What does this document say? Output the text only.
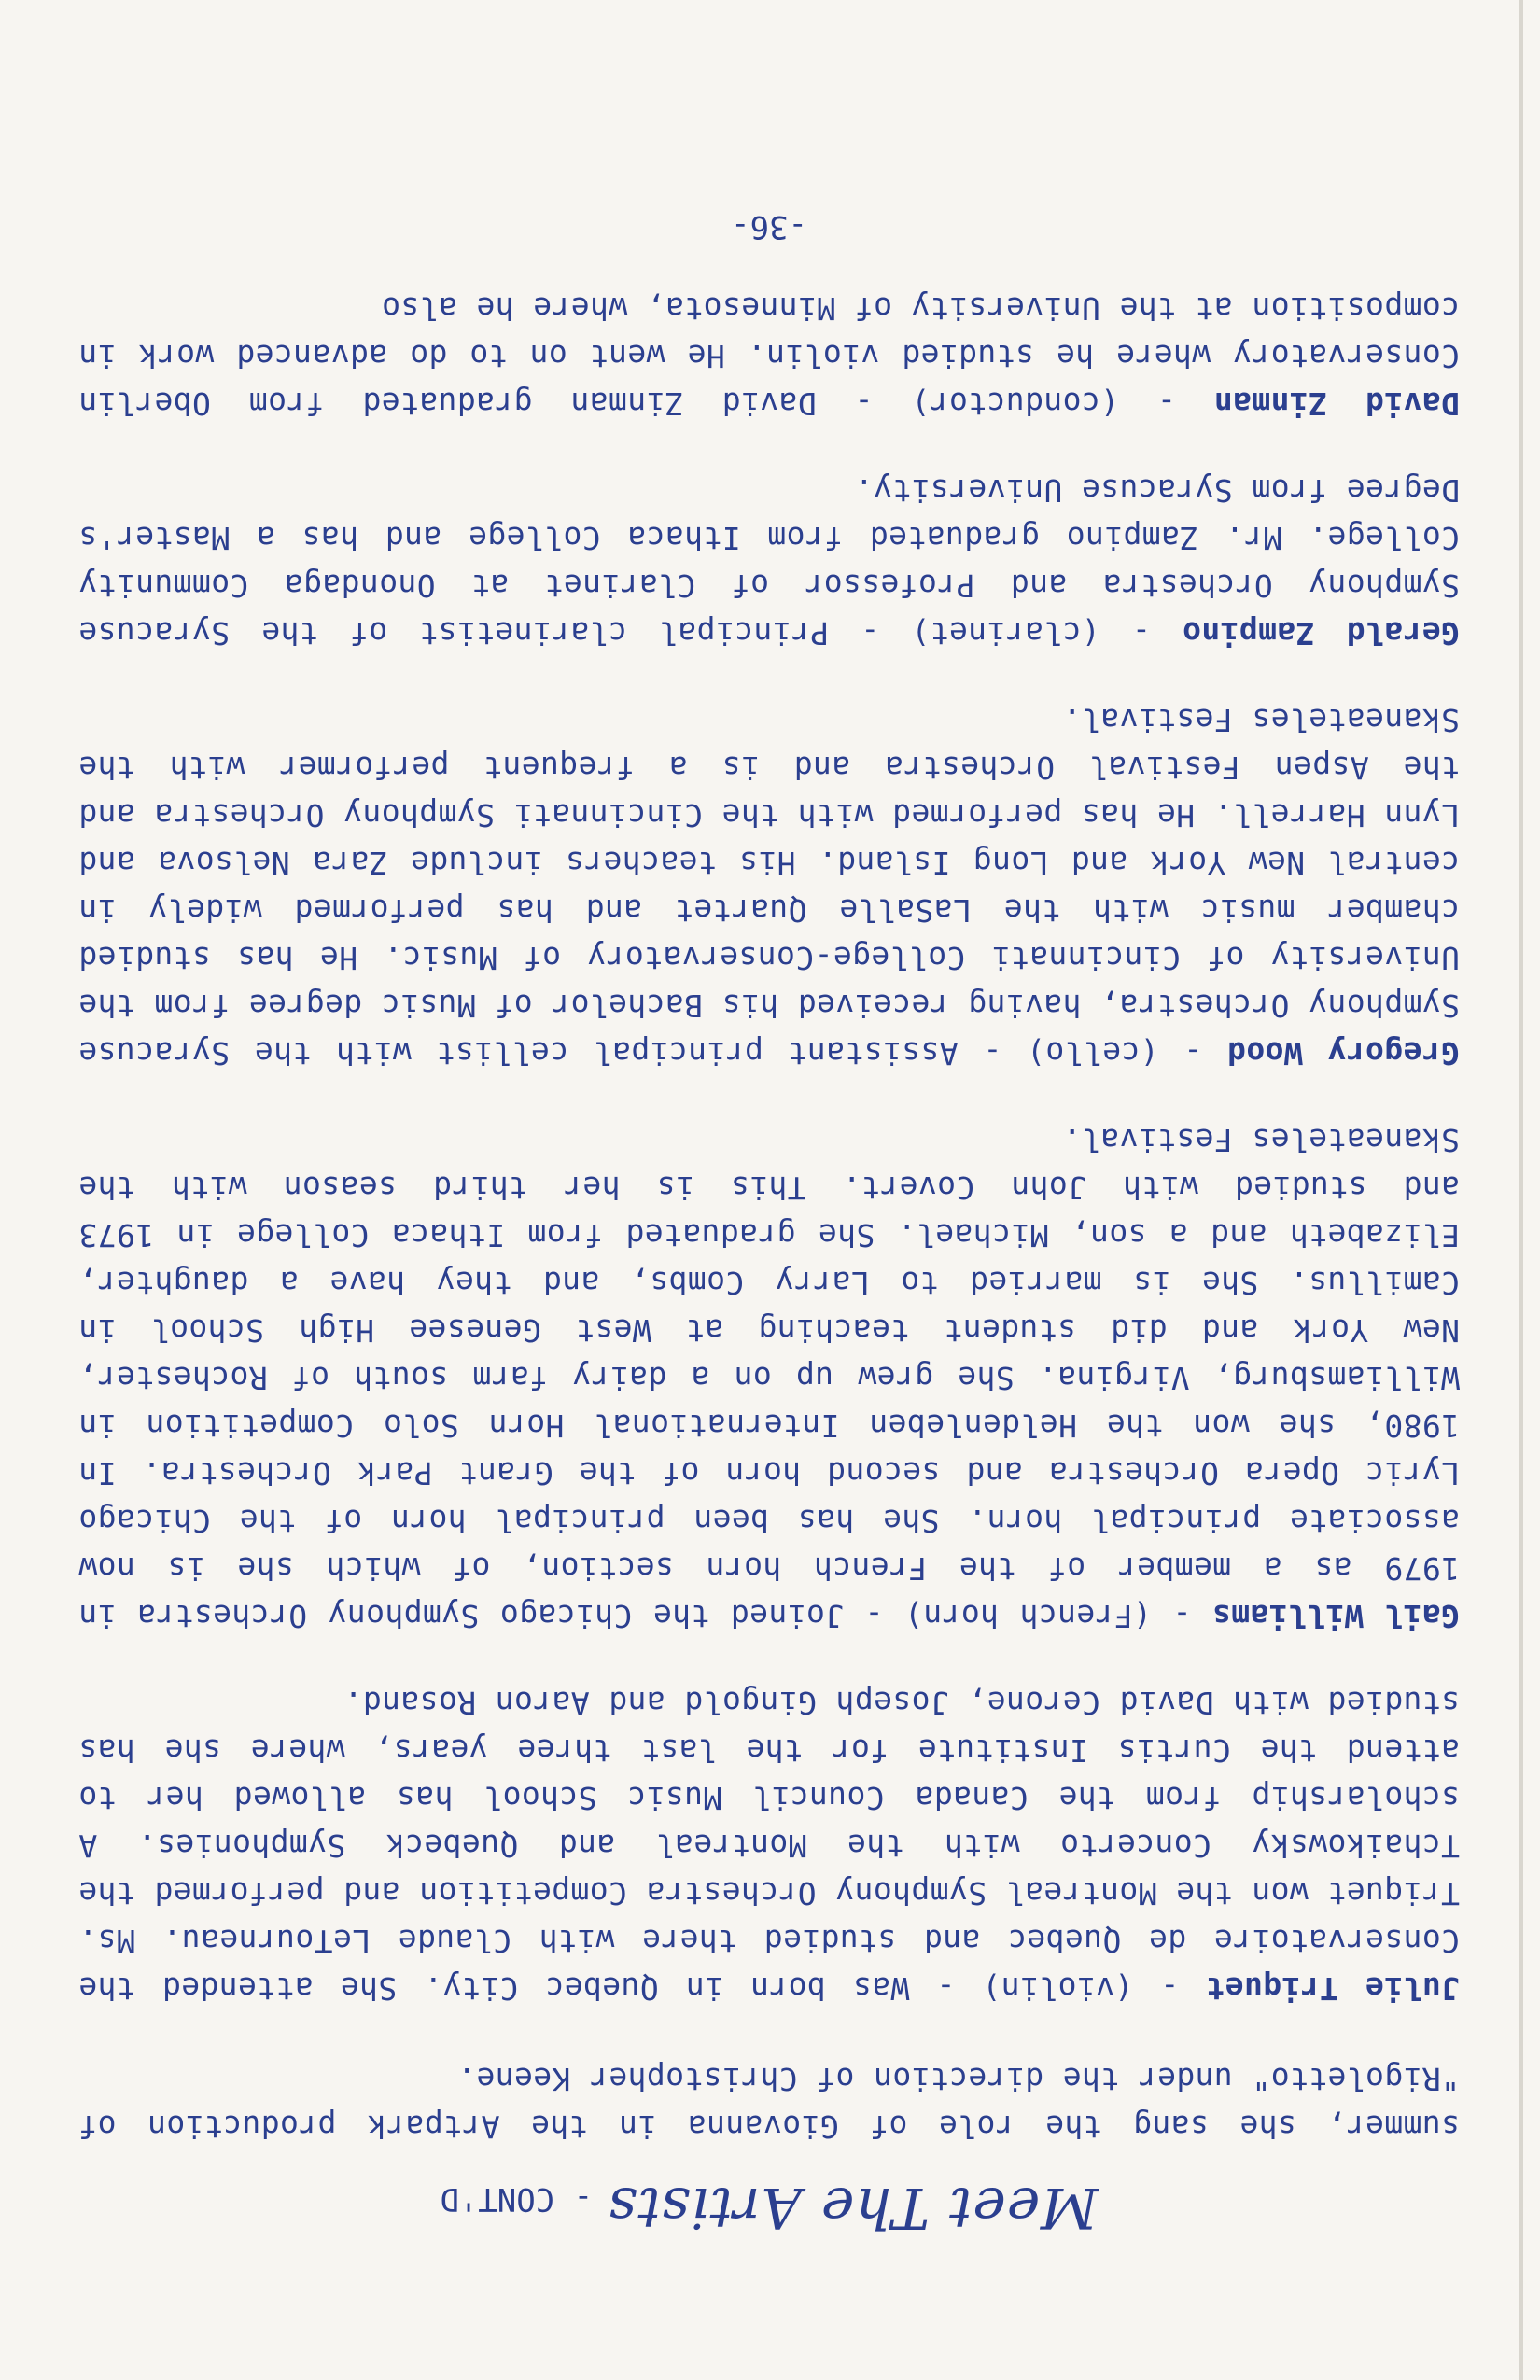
Meet The Artists - CONT'D

summer, she sang the role of Giovanna in the Artpark production of "Rigoletto" under the direction of Christopher Keene.

Julie Triquet - (violin) - Was born in Quebec City. She attended the Conservatoire de Quebec and studied there with Claude LeTourneau. Ms. Triquet won the Montreal Symphony Orchestra Competition and performed the Tchaikowsky Concerto with the Montreal and Quebeck Symphonies. A scholarship from the Canada Council Music School has allowed her to attend the Curtis Institute for the last three years, where she has studied with David Cerone, Joseph Gingold and Aaron Rosand.

Gail Williams - (French horn) - Joined the Chicago Symphony Orchestra in 1979 as a member of the French horn section, of which she is now associate principal horn. She has been principal horn of the Chicago Lyric Opera Orchestra and second horn of the Grant Park Orchestra. In 1980, she won the Heldenleben International Horn Solo Competition in Williamsburg, Virgina. She grew up on a dairy farm south of Rochester, New York and did student teaching at West Genesee High School in Camillus. She is married to Larry Combs, and they have a daughter, Elizabeth and a son, Michael. She graduated from Ithaca College in 1973 and studied with John Covert. This is her third season with the Skaneateles Festival.

Gregory Wood - (cello) - Assistant principal cellist with the Syracuse Symphony Orchestra, having received his Bachelor of Music degree from the University of Cincinnati College-Conservatory of Music. He has studied chamber music with the LaSalle Quartet and has performed widely in central New York and Long Island. His teachers include Zara Nelsova and Lynn Harrell. He has performed with the Cincinnati Symphony Orchestra and the Aspen Festival Orchestra and is a frequent performer with the Skaneateles Festival.

Gerald Zampino - (clarinet) - Principal clarinetist of the Syracuse Symphony Orchestra and Professor of Clarinet at Onondaga Community College. Mr. Zampino graduated from Ithaca College and has a Master's Degree from Syracuse University.

David Zinman - (conductor) - David Zinman graduated from Oberlin Conservatory where he studied violin. He went on to do advanced work in composition at the University of Minnesota, where he also

-36-
